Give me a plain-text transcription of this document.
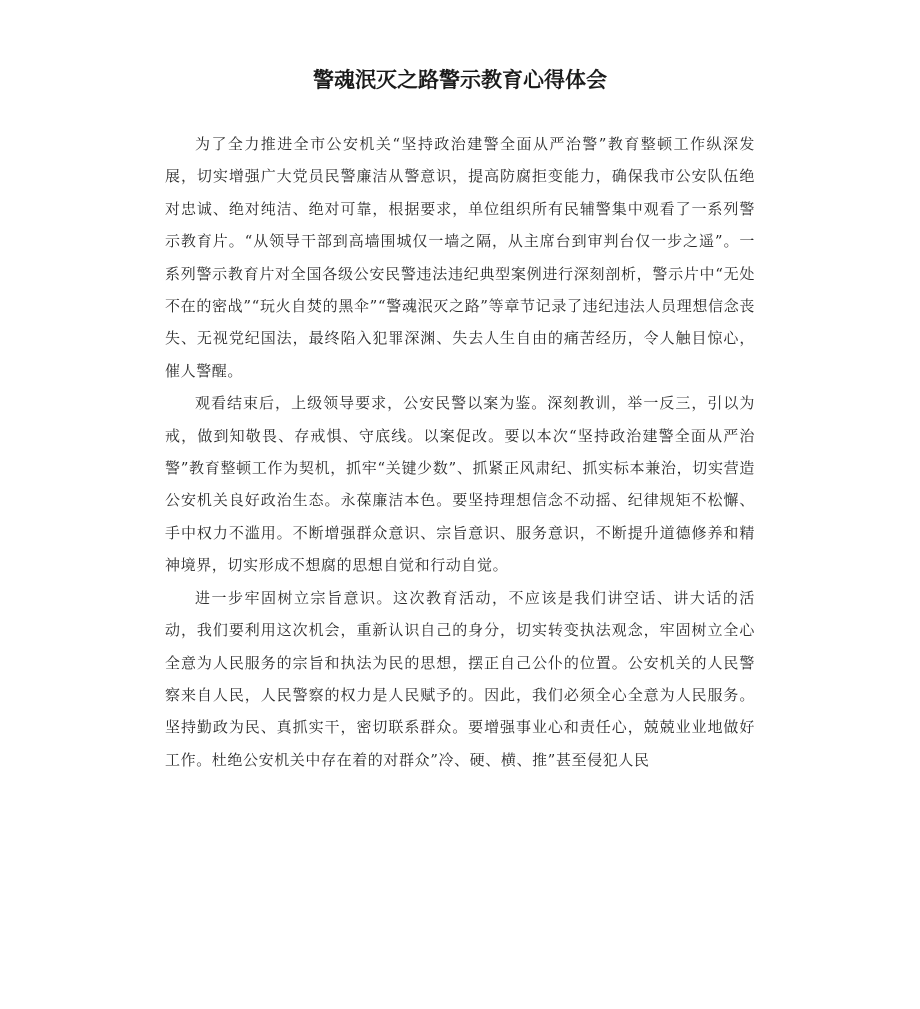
警魂泯灭之路警示教育心得体会

为了全力推进全市公安机关“坚持政治建警全面从严治警”教育整顿工作纵深发展，切实增强广大党员民警廉洁从警意识，提高防腐拒变能力，确保我市公安队伍绝对忠诚、绝对纯洁、绝对可靠，根据要求，单位组织所有民辅警集中观看了一系列警示教育片。“从领导干部到高墙围城仅一墙之隔，从主席台到审判台仅一步之遥”。一系列警示教育片对全国各级公安民警违法违纪典型案例进行深刻剖析，警示片中“无处不在的密战”“玩火自焚的黑伞”“警魂泯灭之路”等章节记录了违纪违法人员理想信念丧失、无视党纪国法，最终陷入犯罪深渊、失去人生自由的痛苦经历，令人触目惊心，催人警醒。

观看结束后，上级领导要求，公安民警以案为鉴。深刻教训，举一反三，引以为戒，做到知敬畏、存戒惧、守底线。以案促改。要以本次“坚持政治建警全面从严治警”教育整顿工作为契机，抓牢“关键少数”、抓紧正风肃纪、抓实标本兼治，切实营造公安机关良好政治生态。永葆廉洁本色。要坚持理想信念不动摇、纪律规矩不松懈、手中权力不滥用。不断增强群众意识、宗旨意识、服务意识，不断提升道德修养和精神境界，切实形成不想腐的思想自觉和行动自觉。

进一步牢固树立宗旨意识。这次教育活动，不应该是我们讲空话、讲大话的活动，我们要利用这次机会，重新认识自己的身分，切实转变执法观念，牢固树立全心全意为人民服务的宗旨和执法为民的思想，摆正自己公仆的位置。公安机关的人民警察来自人民，人民警察的权力是人民赋予的。因此，我们必须全心全意为人民服务。坚持勤政为民、真抓实干，密切联系群众。要增强事业心和责任心，兢兢业业地做好工作。杜绝公安机关中存在着的对群众”冷、硬、横、推”甚至侵犯人民
